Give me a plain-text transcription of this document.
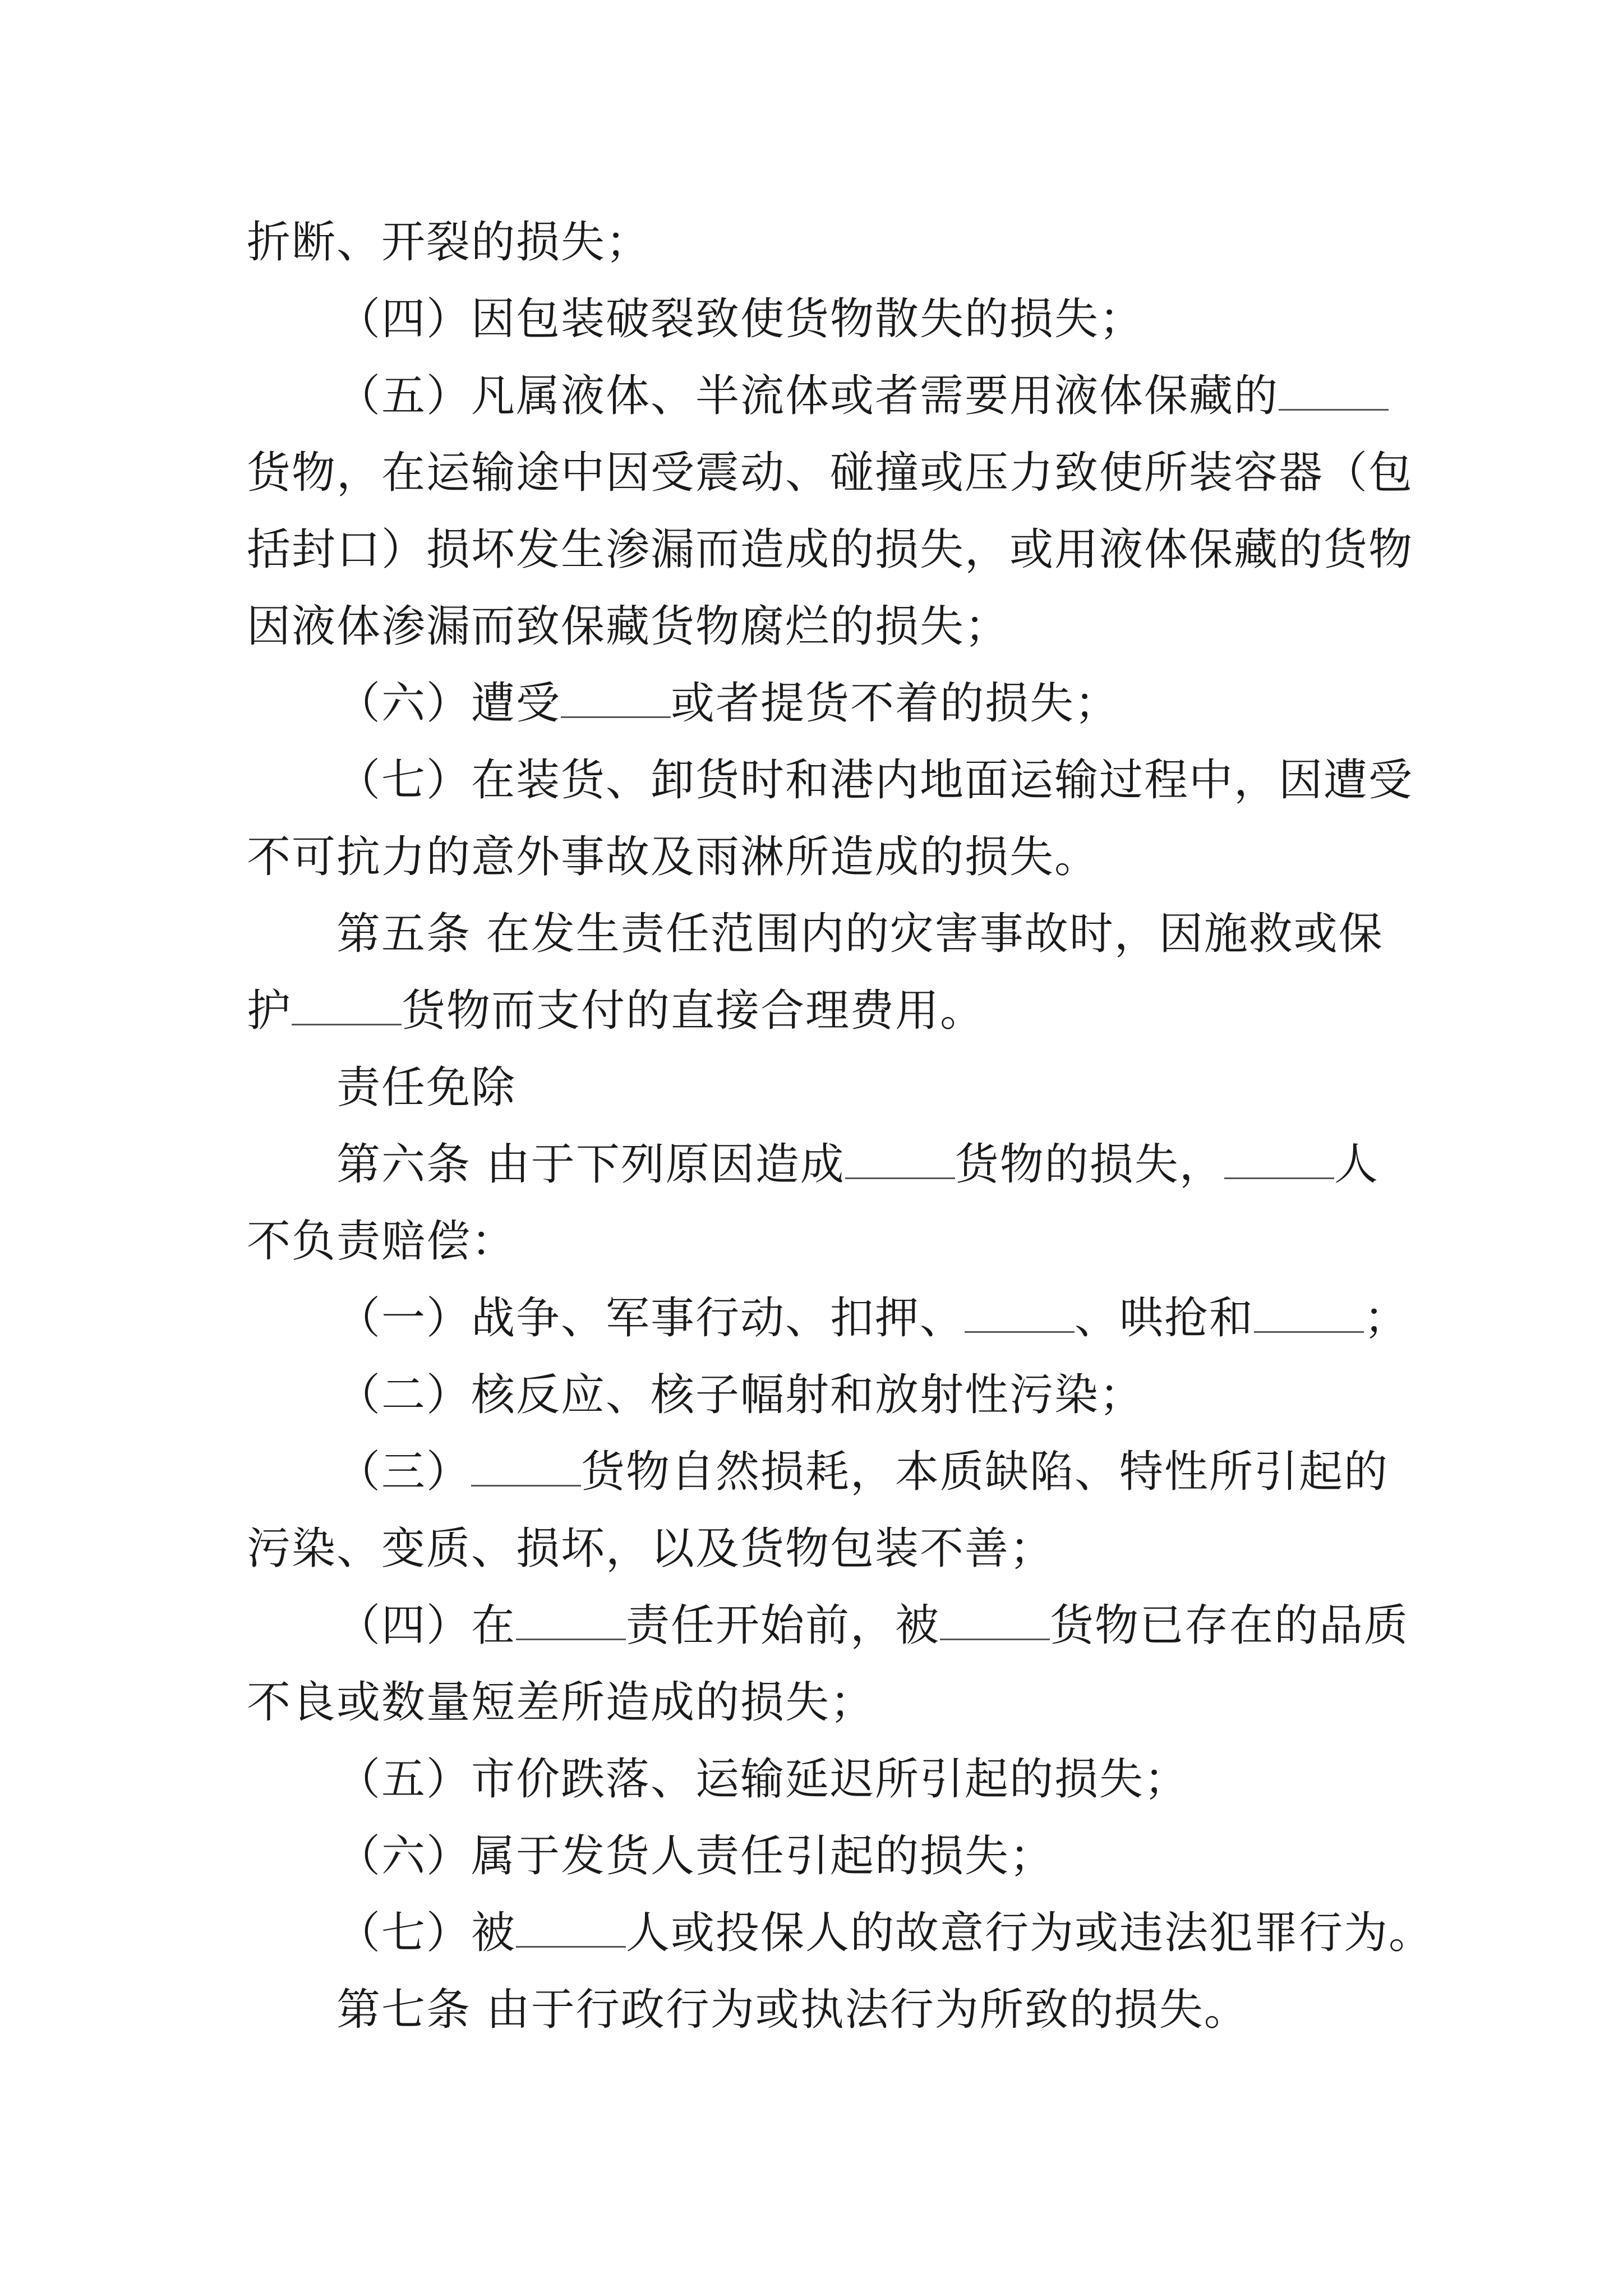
折断、开裂的损失；
（四）因包装破裂致使货物散失的损失；
（五）凡属液体、半流体或者需要用液体保藏的
货物，在运输途中因受震动、碰撞或压力致使所装容器（包
括封口）损坏发生渗漏而造成的损失，或用液体保藏的货物
因液体渗漏而致保藏货物腐烂的损失；
（六）遭受	或者提货不着的损失；
（七）在装货、卸货时和港内地面运输过程中，因遭受
不可抗力的意外事故及雨淋所造成的损失。
第五条 在发生责任范围内的灾害事故时，因施救或保
护	货物而支付的直接合理费用。
责任免除
第六条 由于下列原因造成	货物的损失，	人
不负责赔偿：
（一）战争、军事行动、扣押、	、哄抢和	；
（二）核反应、核子幅射和放射性污染；
（三）	货物自然损耗，本质缺陷、特性所引起的
污染、变质、损坏，以及货物包装不善；
（四）在	责任开始前，被	货物已存在的品质
不良或数量短差所造成的损失；
（五）市价跌落、运输延迟所引起的损失；
（六）属于发货人责任引起的损失；
（七）被	人或投保人的故意行为或违法犯罪行为。
第七条 由于行政行为或执法行为所致的损失。
